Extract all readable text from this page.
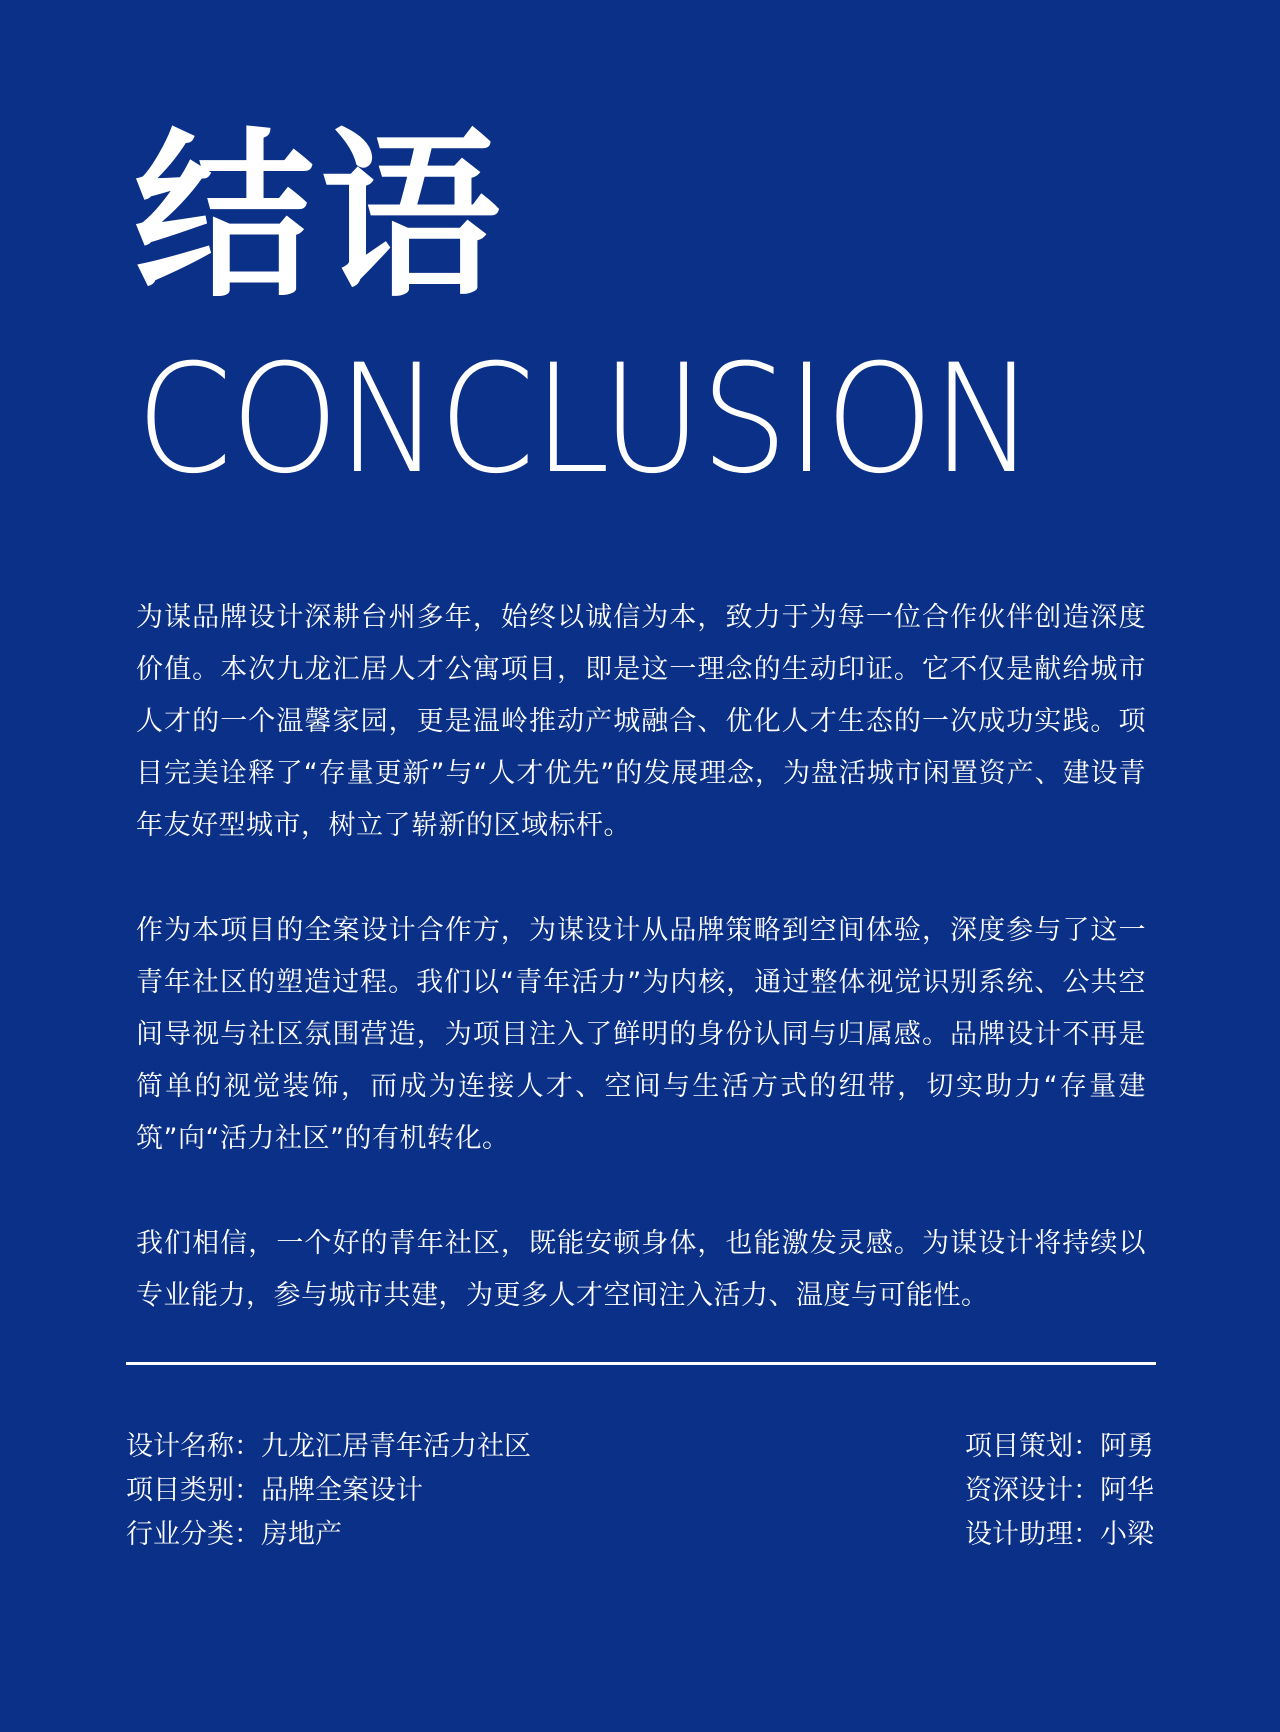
结语
CONCLUSION

为谋品牌设计深耕台州多年，始终以诚信为本，致力于为每一位合作伙伴创造深度价值。本次九龙汇居人才公寓项目，即是这一理念的生动印证。它不仅是献给城市人才的一个温馨家园，更是温岭推动产城融合、优化人才生态的一次成功实践。项目完美诠释了“存量更新”与“人才优先”的发展理念，为盘活城市闲置资产、建设青年友好型城市，树立了崭新的区域标杆。

作为本项目的全案设计合作方，为谋设计从品牌策略到空间体验，深度参与了这一青年社区的塑造过程。我们以“青年活力”为内核，通过整体视觉识别系统、公共空间导视与社区氛围营造，为项目注入了鲜明的身份认同与归属感。品牌设计不再是简单的视觉装饰，而成为连接人才、空间与生活方式的纽带，切实助力“存量建筑”向“活力社区”的有机转化。

我们相信，一个好的青年社区，既能安顿身体，也能激发灵感。为谋设计将持续以专业能力，参与城市共建，为更多人才空间注入活力、温度与可能性。

设计名称：九龙汇居青年活力社区
项目类别：品牌全案设计
行业分类：房地产
项目策划：阿勇
资深设计：阿华
设计助理：小梁
